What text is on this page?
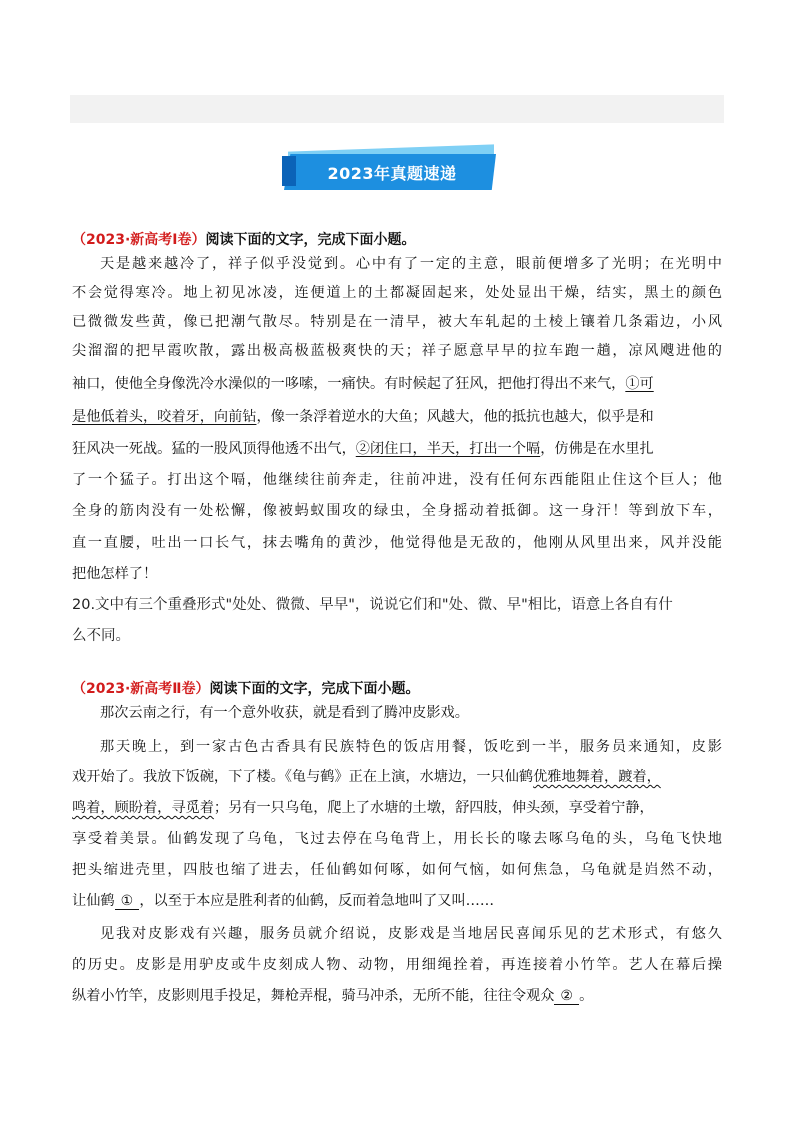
2023年真题速递
（2023·新高考Ⅰ卷）阅读下面的文字，完成下面小题。
天是越来越冷了，祥子似乎没觉到。心中有了一定的主意，眼前便增多了光明；在光明中
不会觉得寒冷。地上初见冰凌，连便道上的土都凝固起来，处处显出干燥，结实，黑土的颜色
已微微发些黄，像已把潮气散尽。特别是在一清早，被大车轧起的土棱上镶着几条霜边，小风
尖溜溜的把早霞吹散，露出极高极蓝极爽快的天；祥子愿意早早的拉车跑一趟，凉风飕进他的
袖口，使他全身像洗冷水澡似的一哆嗦，一痛快。有时候起了狂风，把他打得出不来气，①可
是他低着头，咬着牙，向前钻，像一条浮着逆水的大鱼；风越大，他的抵抗也越大，似乎是和
狂风决一死战。猛的一股风顶得他透不出气，②闭住口，半天，打出一个嗝，仿佛是在水里扎
了一个猛子。打出这个嗝，他继续往前奔走，往前冲进，没有任何东西能阻止住这个巨人；他
全身的筋肉没有一处松懈，像被蚂蚁围攻的绿虫，全身摇动着抵御。这一身汗！等到放下车，
直一直腰，吐出一口长气，抹去嘴角的黄沙，他觉得他是无敌的，他刚从风里出来，风并没能
把他怎样了！
20.文中有三个重叠形式"处处、微微、早早"，说说它们和"处、微、早"相比，语意上各自有什
么不同。
（2023·新高考Ⅱ卷）阅读下面的文字，完成下面小题。
那次云南之行，有一个意外收获，就是看到了腾冲皮影戏。
那天晚上，到一家古色古香具有民族特色的饭店用餐，饭吃到一半，服务员来通知，皮影
戏开始了。我放下饭碗，下了楼。《龟与鹤》正在上演，水塘边，一只仙鹤优雅地舞着，踱着，
鸣着，顾盼着，寻觅着；另有一只乌龟，爬上了水塘的土墩，舒四肢，伸头颈，享受着宁静，
享受着美景。仙鹤发现了乌龟，飞过去停在乌龟背上，用长长的喙去啄乌龟的头，乌龟飞快地
把头缩进壳里，四肢也缩了进去，任仙鹤如何啄，如何气恼，如何焦急，乌龟就是岿然不动，
让仙鹤 ① ，以至于本应是胜利者的仙鹤，反而着急地叫了又叫……
见我对皮影戏有兴趣，服务员就介绍说，皮影戏是当地居民喜闻乐见的艺术形式，有悠久
的历史。皮影是用驴皮或牛皮刻成人物、动物，用细绳拴着，再连接着小竹竿。艺人在幕后操
纵着小竹竿，皮影则甩手投足，舞枪弄棍，骑马冲杀，无所不能，往往令观众 ② 。
